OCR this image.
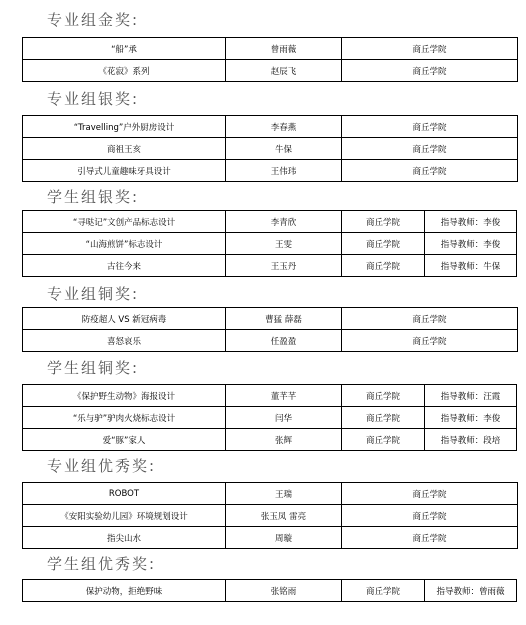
专业组金奖:
“船”承	曾雨薇	商丘学院
《花寂》系列	赵辰飞	商丘学院
专业组银奖:
“Travelling”户外厨房设计	李春燕	商丘学院
商祖王亥	牛保	商丘学院
引导式儿童趣味牙具设计	王伟玮	商丘学院
学生组银奖:
“寻哒记”文创产品标志设计	李青欣	商丘学院	指导教师：李俊
“山海煎饼”标志设计	王雯	商丘学院	指导教师：李俊
古往今来	王玉丹	商丘学院	指导教师：牛保
专业组铜奖:
防疫超人 VS 新冠病毒	曹猛 薛磊	商丘学院
喜怒哀乐	任盈盈	商丘学院
学生组铜奖:
《保护野生动物》海报设计	董芊芊	商丘学院	指导教师：汪霞
“乐与驴”驴肉火烧标志设计	闫华	商丘学院	指导教师：李俊
爱“豚”家人	张辉	商丘学院	指导教师：段培
专业组优秀奖:
ROBOT	王瑞	商丘学院
《安阳实验幼儿园》环境规划设计	张玉凤 雷亮	商丘学院
指尖山水	周璇	商丘学院
学生组优秀奖:
保护动物，拒绝野味	张铭雨	商丘学院	指导教师：曾雨薇
